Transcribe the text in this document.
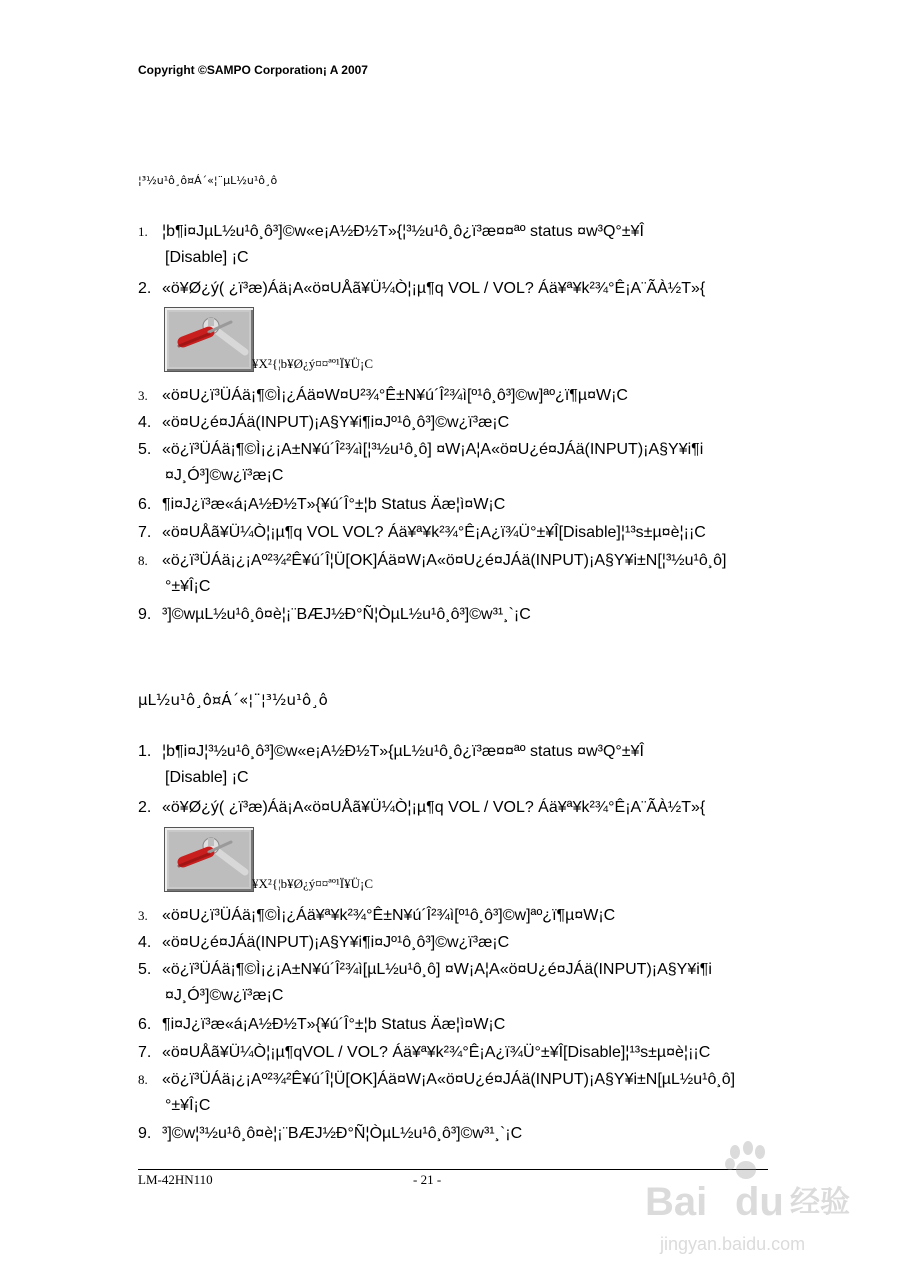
Copyright ©SAMPO Corporation¡ A 2007
¦³½u¹ô¸ô¤Á´«¦¨µL½u¹ô¸ô
1. ¦b¶i¤JµL½u¹ô¸ô³]©w«e¡A½Ð½T»{¦³½u¹ô¸ô¿ï³æ¤¤ªº status ¤w³Q°±¥Î
[Disable] ¡C
2. «ö¥Ø¿ý( ¿ï³æ)Áä¡A«ö¤UÅã¥Ü¼Ò¦¡µ¶q VOL / VOL? Áä¥ª¥k²¾°Ê¡A¨ÃÀ½T»{
¥X²{¦b¥Ø¿ý¤¤ªº¹Ï¥Ü¡C
3. «ö¤U¿ï³ÜÁä¡¶©Ì¡¿Áä¤W¤U²¾°Ê±N¥ú´Î²¾ì[º¹ô¸ô³]©w]ªº¿ï¶µ¤W¡C
4. «ö¤U¿é¤JÁä(INPUT)¡A§Y¥i¶i¤Jº¹ô¸ô³]©w¿ï³æ¡C
5. «ö¿ï³ÜÁä¡¶©Ì¡¿¡A±N¥ú´Î²¾ì[¦³½u¹ô¸ô] ¤W¡A¦A«ö¤U¿é¤JÁä(INPUT)¡A§Y¥i¶i
¤J¸Ó³]©w¿ï³æ¡C
6. ¶i¤J¿ï³æ«á¡A½Ð½T»{¥ú´Î°±¦b Status Äæ¦ì¤W¡C
7. «ö¤UÅã¥Ü¼Ò¦¡µ¶q VOL VOL? Áä¥ª¥k²¾°Ê¡A¿ï¾Ü°±¥Î[Disable]¦¹³s±µ¤è¦¡¡C
8. «ö¿ï³ÜÁä¡¿¡Aº²¾²Ê¥ú´Î¦Ü[OK]Áä¤W¡A«ö¤U¿é¤JÁä(INPUT)¡A§Y¥i±N[¦³½u¹ô¸ô]
°±¥Î¡C
9. ³]©wµL½u¹ô¸ô¤è¦¡¨BÆJ½Ð°Ñ¦ÒµL½u¹ô¸ô³]©w³¹¸`¡C
µL½u¹ô¸ô¤Á´«¦¨¦³½u¹ô¸ô
1. ¦b¶i¤J¦³½u¹ô¸ô³]©w«e¡A½Ð½T»{µL½u¹ô¸ô¿ï³æ¤¤ªº status ¤w³Q°±¥Î
[Disable] ¡C
2. «ö¥Ø¿ý( ¿ï³æ)Áä¡A«ö¤UÅã¥Ü¼Ò¦¡µ¶q VOL / VOL? Áä¥ª¥k²¾°Ê¡A¨ÃÀ½T»{
¥X²{¦b¥Ø¿ý¤¤ªº¹Ï¥Ü¡C
3. «ö¤U¿ï³ÜÁä¡¶©Ì¡¿Áä¥ª¥k²¾°Ê±N¥ú´Î²¾ì[º¹ô¸ô³]©w]ªº¿ï¶µ¤W¡C
4. «ö¤U¿é¤JÁä(INPUT)¡A§Y¥i¶i¤Jº¹ô¸ô³]©w¿ï³æ¡C
5. «ö¿ï³ÜÁä¡¶©Ì¡¿¡A±N¥ú´Î²¾ì[µL½u¹ô¸ô] ¤W¡A¦A«ö¤U¿é¤JÁä(INPUT)¡A§Y¥i¶i
¤J¸Ó³]©w¿ï³æ¡C
6. ¶i¤J¿ï³æ«á¡A½Ð½T»{¥ú´Î°±¦b Status Äæ¦ì¤W¡C
7. «ö¤UÅã¥Ü¼Ò¦¡µ¶qVOL / VOL? Áä¥ª¥k²¾°Ê¡A¿ï¾Ü°±¥Î[Disable]¦¹³s±µ¤è¦¡¡C
8. «ö¿ï³ÜÁä¡¿¡Aº²¾²Ê¥ú´Î¦Ü[OK]Áä¤W¡A«ö¤U¿é¤JÁä(INPUT)¡A§Y¥i±N[µL½u¹ô¸ô]
°±¥Î¡C
9. ³]©w¦³½u¹ô¸ô¤è¦¡¨BÆJ½Ð°Ñ¦ÒµL½u¹ô¸ô³]©w³¹¸`¡C
LM-42HN110	- 21 -
Bai du 经验
jingyan.baidu.com
